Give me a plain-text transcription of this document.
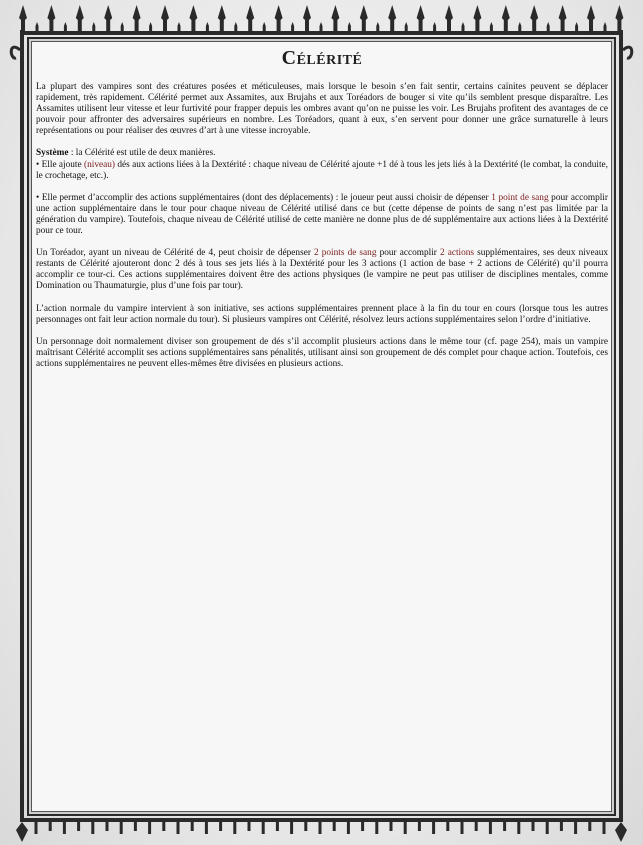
Célérité

La plupart des vampires sont des créatures posées et méticuleuses, mais lorsque le besoin s’en fait sentir, certains caïnites peuvent se déplacer rapidement, très rapidement. Célérité permet aux Assamites, aux Brujahs et aux Toréadors de bouger si vite qu’ils semblent presque disparaître. Les Assamites utilisent leur vitesse et leur furtivité pour frapper depuis les ombres avant qu’on ne puisse les voir. Les Brujahs profitent des avantages de ce pouvoir pour affronter des adversaires supérieurs en nombre. Les Toréadors, quant à eux, s’en servent pour donner une grâce surnaturelle à leurs représentations ou pour réaliser des œuvres d’art à une vitesse incroyable.

Système : la Célérité est utile de deux manières.

• Elle ajoute (niveau) dés aux actions liées à la Dextérité : chaque niveau de Célérité ajoute +1 dé à tous les jets liés à la Dextérité (le combat, la conduite, le crochetage, etc.).

• Elle permet d’accomplir des actions supplémentaires (dont des déplacements) : le joueur peut aussi choisir de dépenser 1 point de sang pour accomplir une action supplémentaire dans le tour pour chaque niveau de Célérité utilisé dans ce but (cette dépense de points de sang n’est pas limitée par la génération du vampire). Toutefois, chaque niveau de Célérité utilisé de cette manière ne donne plus de dé supplémentaire aux actions liées à la Dextérité pour ce tour.

Un Toréador, ayant un niveau de Célérité de 4, peut choisir de dépenser 2 points de sang pour accomplir 2 actions supplémentaires, ses deux niveaux restants de Célérité ajouteront donc 2 dés à tous ses jets liés à la Dextérité pour les 3 actions (1 action de base + 2 actions de Célérité) qu’il pourra accomplir ce tour-ci. Ces actions supplémentaires doivent être des actions physiques (le vampire ne peut pas utiliser de disciplines mentales, comme Domination ou Thaumaturgie, plus d’une fois par tour).

L’action normale du vampire intervient à son initiative, ses actions supplémentaires prennent place à la fin du tour en cours (lorsque tous les autres personnages ont fait leur action normale du tour). Si plusieurs vampires ont Célérité, résolvez leurs actions supplémentaires selon l’ordre d’initiative.

Un personnage doit normalement diviser son groupement de dés s’il accomplit plusieurs actions dans le même tour (cf. page 254), mais un vampire maîtrisant Célérité accomplit ses actions supplémentaires sans pénalités, utilisant ainsi son groupement de dés complet pour chaque action. Toutefois, ces actions supplémentaires ne peuvent elles-mêmes être divisées en plusieurs actions.
